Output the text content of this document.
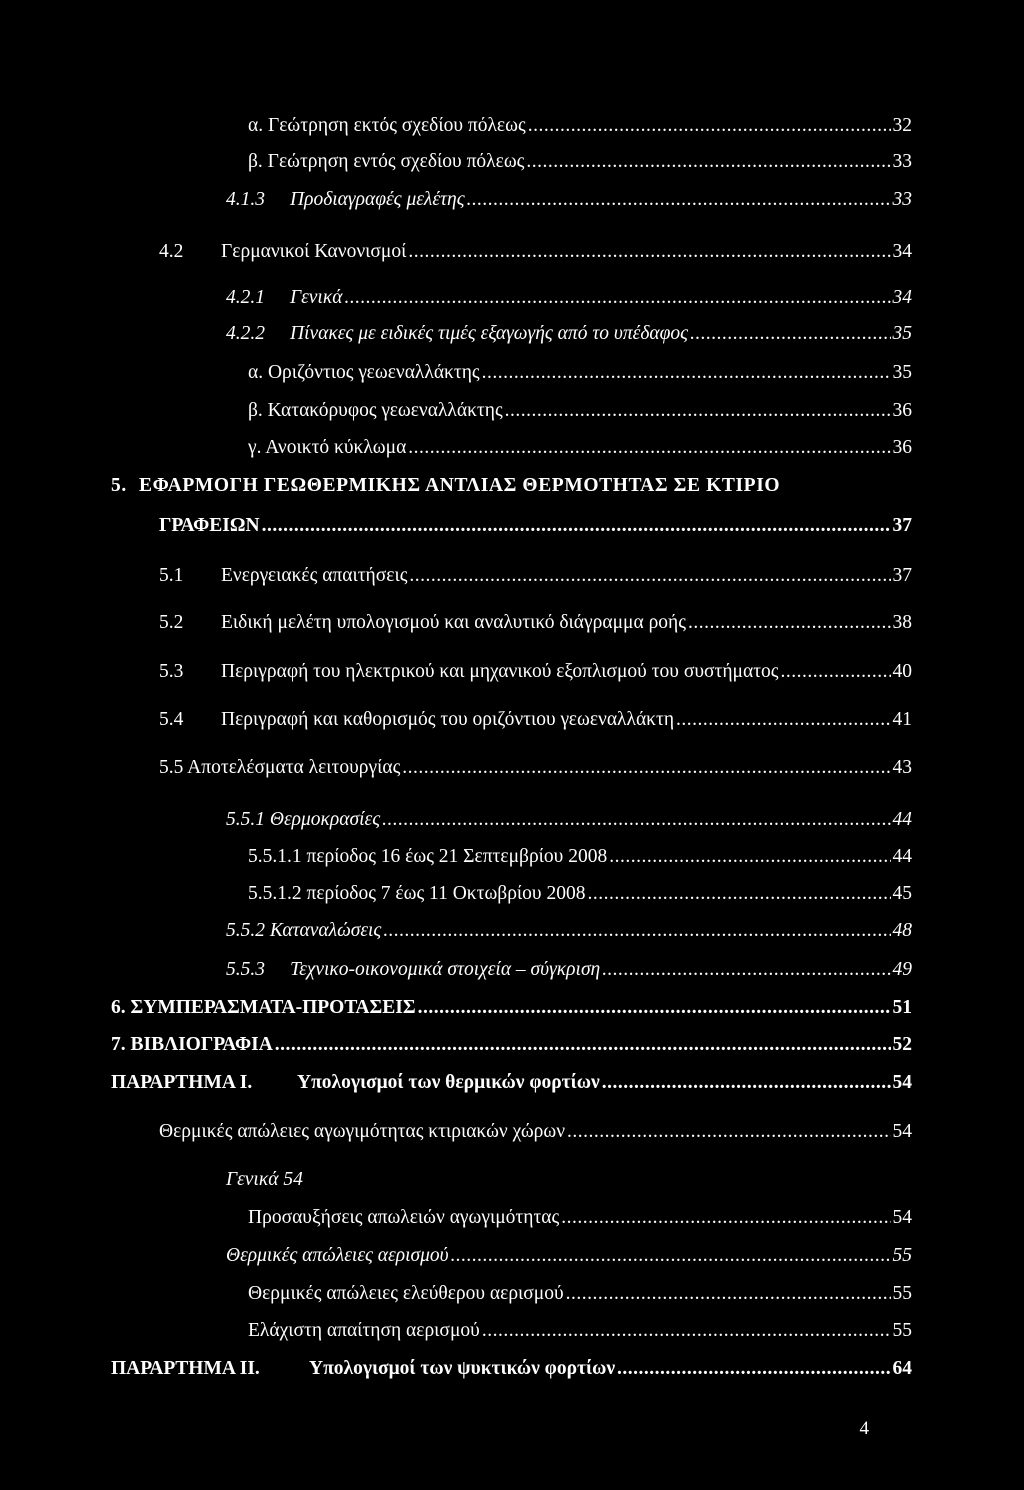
α. Γεώτρηση εκτός σχεδίου πόλεως .....	32
β. Γεώτρηση εντός σχεδίου πόλεως .....	33
4.1.3 Προδιαγραφές μελέτης .....	33
4.2 Γερμανικοί Κανονισμοί .....	34
4.2.1 Γενικά .....	34
4.2.2 Πίνακες με ειδικές τιμές εξαγωγής από το υπέδαφος .....	35
α. Οριζόντιος γεωεναλλάκτης .....	35
β. Κατακόρυφος γεωεναλλάκτης .....	36
γ. Ανοικτό κύκλωμα .....	36
5. ΕΦΑΡΜΟΓΗ ΓΕΩΘΕΡΜΙΚΗΣ ΑΝΤΛΙΑΣ ΘΕΡΜΟΤΗΤΑΣ ΣΕ ΚΤΙΡΙΟ
ΓΡΑΦΕΙΩΝ .....	37
5.1 Ενεργειακές απαιτήσεις .....	37
5.2 Ειδική μελέτη υπολογισμού και αναλυτικό διάγραμμα ροής .....	38
5.3 Περιγραφή του ηλεκτρικού και μηχανικού εξοπλισμού του συστήματος .....	40
5.4 Περιγραφή και καθορισμός του οριζόντιου γεωεναλλάκτη .....	41
5.5 Αποτελέσματα λειτουργίας .....	43
5.5.1 Θερμοκρασίες .....	44
5.5.1.1 περίοδος 16 έως 21 Σεπτεμβρίου 2008 .....	44
5.5.1.2 περίοδος 7 έως 11 Οκτωβρίου 2008 .....	45
5.5.2 Καταναλώσεις .....	48
5.5.3 Τεχνικο-οικονομικά στοιχεία – σύγκριση .....	49
6. ΣΥΜΠΕΡΑΣΜΑΤΑ-ΠΡΟΤΑΣΕΙΣ .....	51
7. ΒΙΒΛΙΟΓΡΑΦΙΑ .....	52
ΠΑΡΑΡΤΗΜΑ Ι. Υπολογισμοί των θερμικών φορτίων .....	54
Θερμικές απώλειες αγωγιμότητας κτιριακών χώρων .....	54
Γενικά 54
Προσαυξήσεις απωλειών αγωγιμότητας .....	54
Θερμικές απώλειες αερισμού .....	55
Θερμικές απώλειες ελεύθερου αερισμού .....	55
Ελάχιστη απαίτηση αερισμού .....	55
ΠΑΡΑΡΤΗΜΑ ΙΙ.	Υπολογισμοί των ψυκτικών φορτίων .....	64
4
